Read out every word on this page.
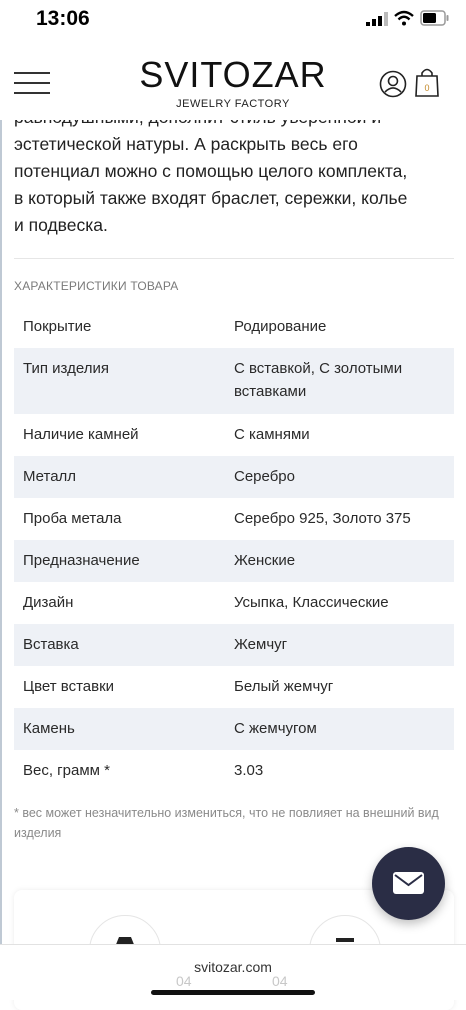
13:06
эстетической натуры. А раскрыть весь его
потенциал можно с помощью целого комплекта,
в который также входят браслет, сережки, колье
и подвеска.
SVITOZAR
JEWELRY FACTORY
0
ХАРАКТЕРИСТИКИ ТОВАРА
Покрытие	Родирование
Тип изделия	С вставкой, С золотыми вставками
Наличие камней	С камнями
Металл	Серебро
Проба метала	Серебро 925, Золото 375
Предназначение	Женские
Дизайн	Усыпка, Классические
Вставка	Жемчуг
Цвет вставки	Белый жемчуг
Камень	С жемчугом
Вес, грамм *	3.03
* вес может незначительно измениться, что не повлияет на внешний вид изделия
04	04
svitozar.com
